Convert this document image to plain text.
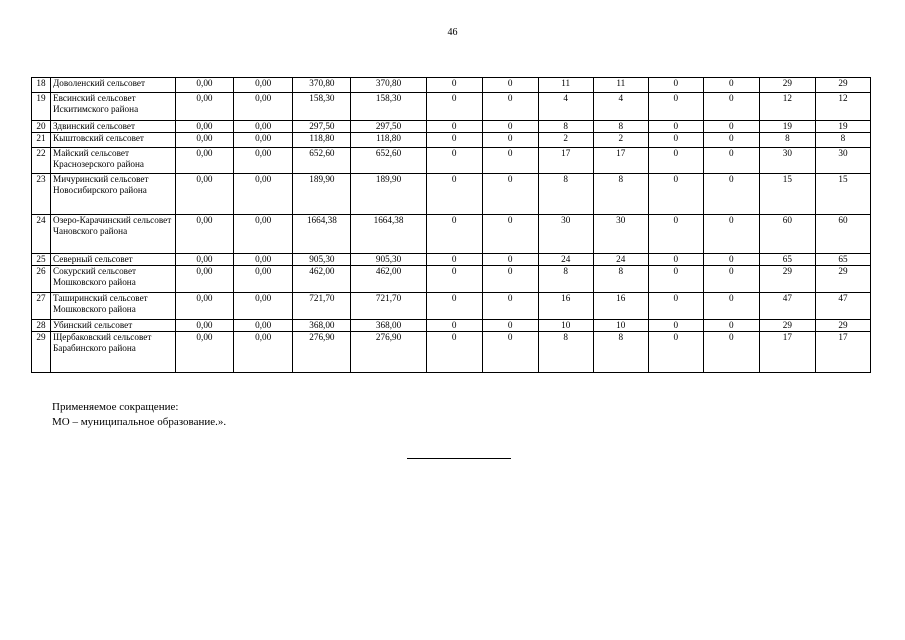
46
18	Доволенский сельсовет	0,00	0,00	370,80	370,80	0	0	11	11	0	0	29	29
19	Евсинский сельсовет Искитимского района	0,00	0,00	158,30	158,30	0	0	4	4	0	0	12	12
20	Здвинский сельсовет	0,00	0,00	297,50	297,50	0	0	8	8	0	0	19	19
21	Кыштовский сельсовет	0,00	0,00	118,80	118,80	0	0	2	2	0	0	8	8
22	Майский сельсовет Краснозерского района	0,00	0,00	652,60	652,60	0	0	17	17	0	0	30	30
23	Мичуринский сельсовет Новосибирского района	0,00	0,00	189,90	189,90	0	0	8	8	0	0	15	15
24	Озеро-Карачинский сельсовет Чановского района	0,00	0,00	1664,38	1664,38	0	0	30	30	0	0	60	60
25	Северный сельсовет	0,00	0,00	905,30	905,30	0	0	24	24	0	0	65	65
26	Сокурский сельсовет Мошковского района	0,00	0,00	462,00	462,00	0	0	8	8	0	0	29	29
27	Таширинский сельсовет Мошковского района	0,00	0,00	721,70	721,70	0	0	16	16	0	0	47	47
28	Убинский сельсовет	0,00	0,00	368,00	368,00	0	0	10	10	0	0	29	29
29	Щербаковский сельсовет Барабинского района	0,00	0,00	276,90	276,90	0	0	8	8	0	0	17	17
Применяемое сокращение:
МО – муниципальное образование.».
